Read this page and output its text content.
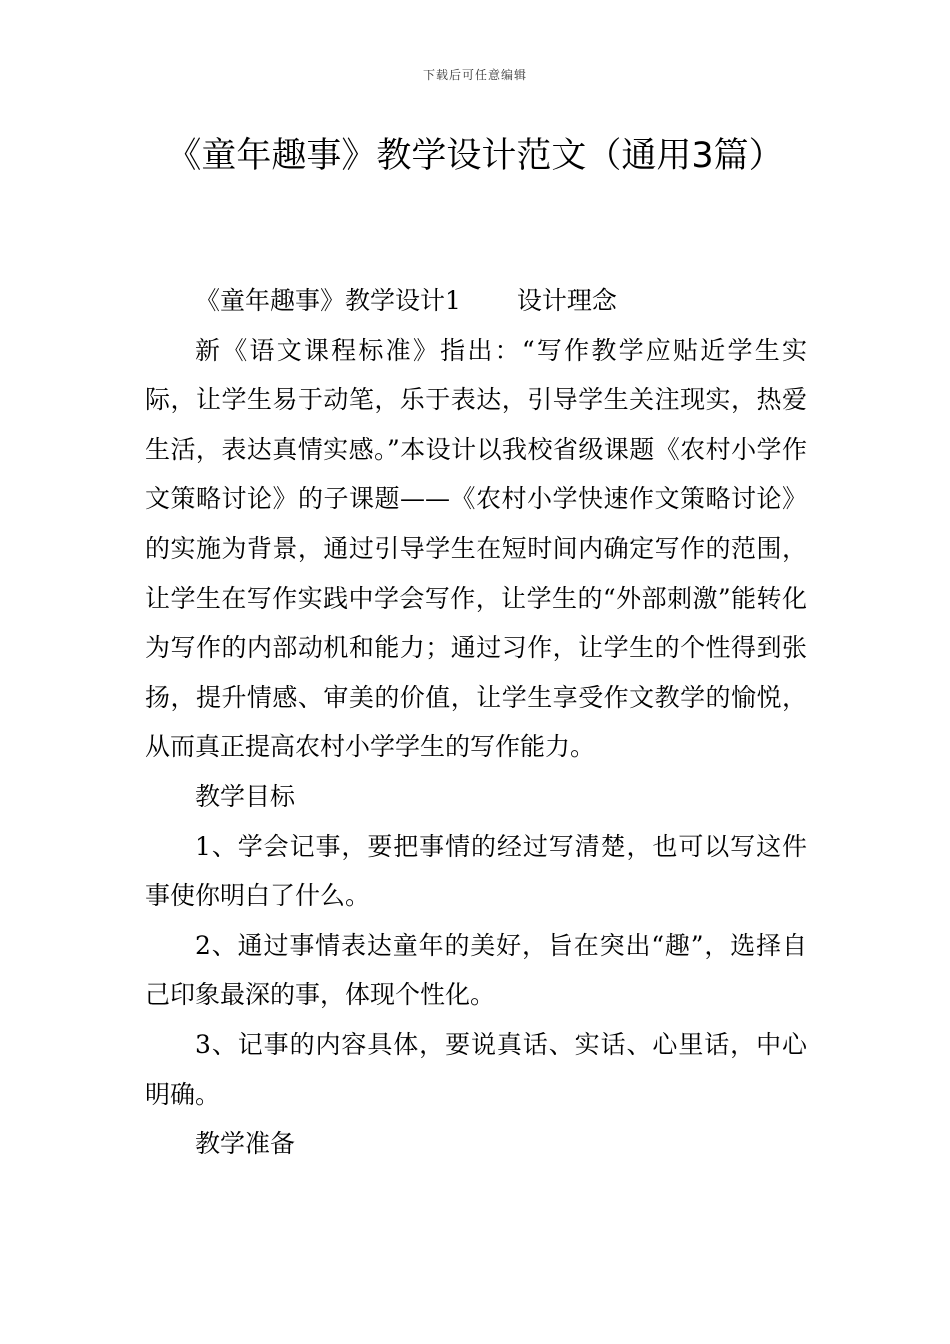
下载后可任意编辑
《童年趣事》教学设计范文（通用3篇）

《童年趣事》教学设计1 设计理念

新《语文课程标准》指出：“写作教学应贴近学生实际，让学生易于动笔，乐于表达，引导学生关注现实，热爱生活，表达真情实感。”本设计以我校省级课题《农村小学作文策略讨论》的子课题——《农村小学快速作文策略讨论》的实施为背景，通过引导学生在短时间内确定写作的范围，让学生在写作实践中学会写作，让学生的“外部刺激”能转化为写作的内部动机和能力；通过习作，让学生的个性得到张扬，提升情感、审美的价值，让学生享受作文教学的愉悦，从而真正提高农村小学学生的写作能力。

教学目标

1、学会记事，要把事情的经过写清楚，也可以写这件事使你明白了什么。

2、通过事情表达童年的美好，旨在突出“趣”，选择自己印象最深的事，体现个性化。

3、记事的内容具体，要说真话、实话、心里话，中心明确。

教学准备
